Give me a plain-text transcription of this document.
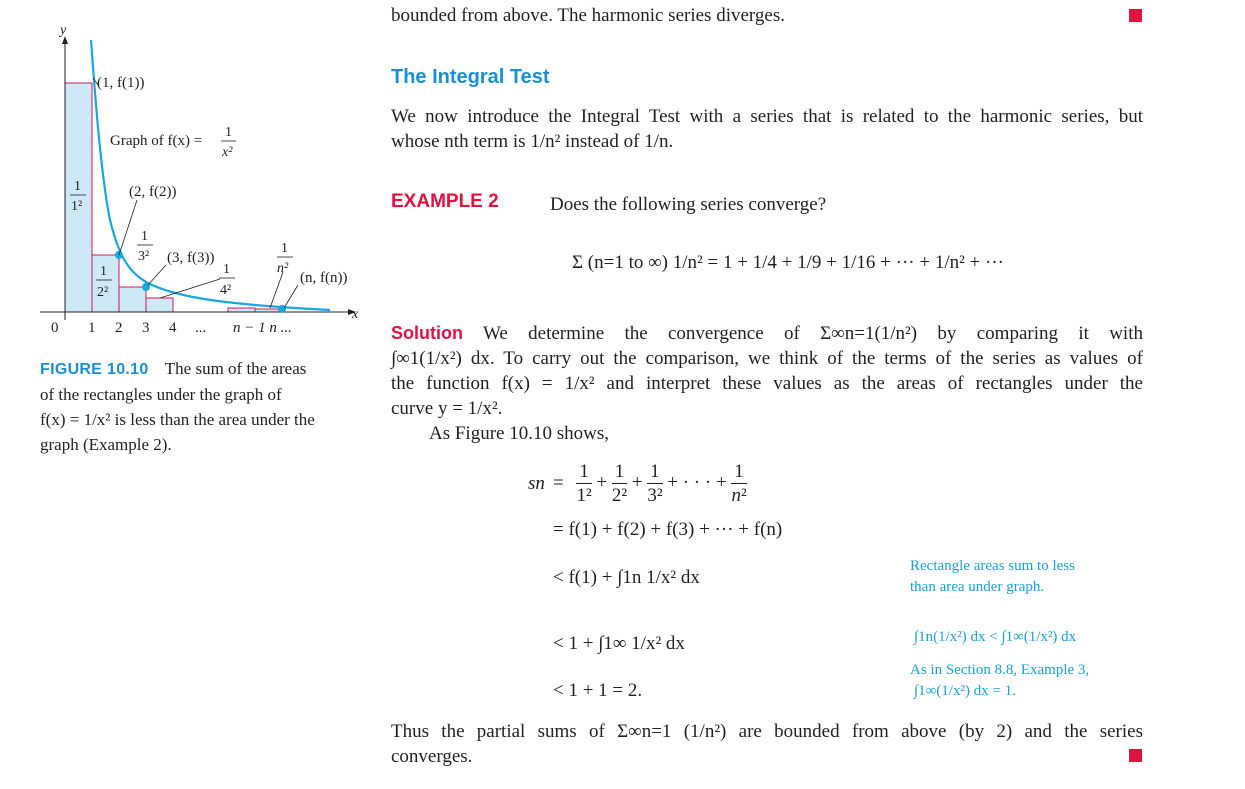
y
x
(1, f(1))
Graph of f(x) =
1
x²
1
1²
(2, f(2))
1
3² (3, f(3))
1
2²
1
4²
1
n²
(n, f(n))
0 1 2 3 4 ... n − 1 n ...
FIGURE 10.10 The sum of the areas
of the rectangles under the graph of
f(x) = 1/x² is less than the area under the
graph (Example 2).
bounded from above. The harmonic series diverges.
The Integral Test
We now introduce the Integral Test with a series that is related to the harmonic series, but
whose nth term is 1/n² instead of 1/n.
EXAMPLE 2	Does the following series converge?
Σ (n=1 to ∞) 1/n² = 1 + 1/4 + 1/9 + 1/16 + ··· + 1/n² + ···
Solution We determine the convergence of Σ∞n=1(1/n²) by comparing it with
∫∞1(1/x²) dx. To carry out the comparison, we think of the terms of the series as values of
the function f(x) = 1/x² and interpret these values as the areas of rectangles under the
curve y = 1/x².
As Figure 10.10 shows,
sn = $\frac{1}{\text{1²}} + \frac{1}{\text{2²}} + \frac{1}{\text{3²}}$ + · · · + $\frac{1}{\text{n²}}$
= f(1) + f(2) + f(3) + ··· + f(n)
< f(1) + ∫1n 1/x² dx
< 1 + ∫1∞ 1/x² dx
< 1 + 1 = 2.
Rectangle areas sum to less
than area under graph.
∫1n(1/x²) dx < ∫1∞(1/x²) dx
As in Section 8.8, Example 3,
∫1∞(1/x²) dx = 1.
Thus the partial sums of Σ∞n=1 (1/n²) are bounded from above (by 2) and the series
converges.
